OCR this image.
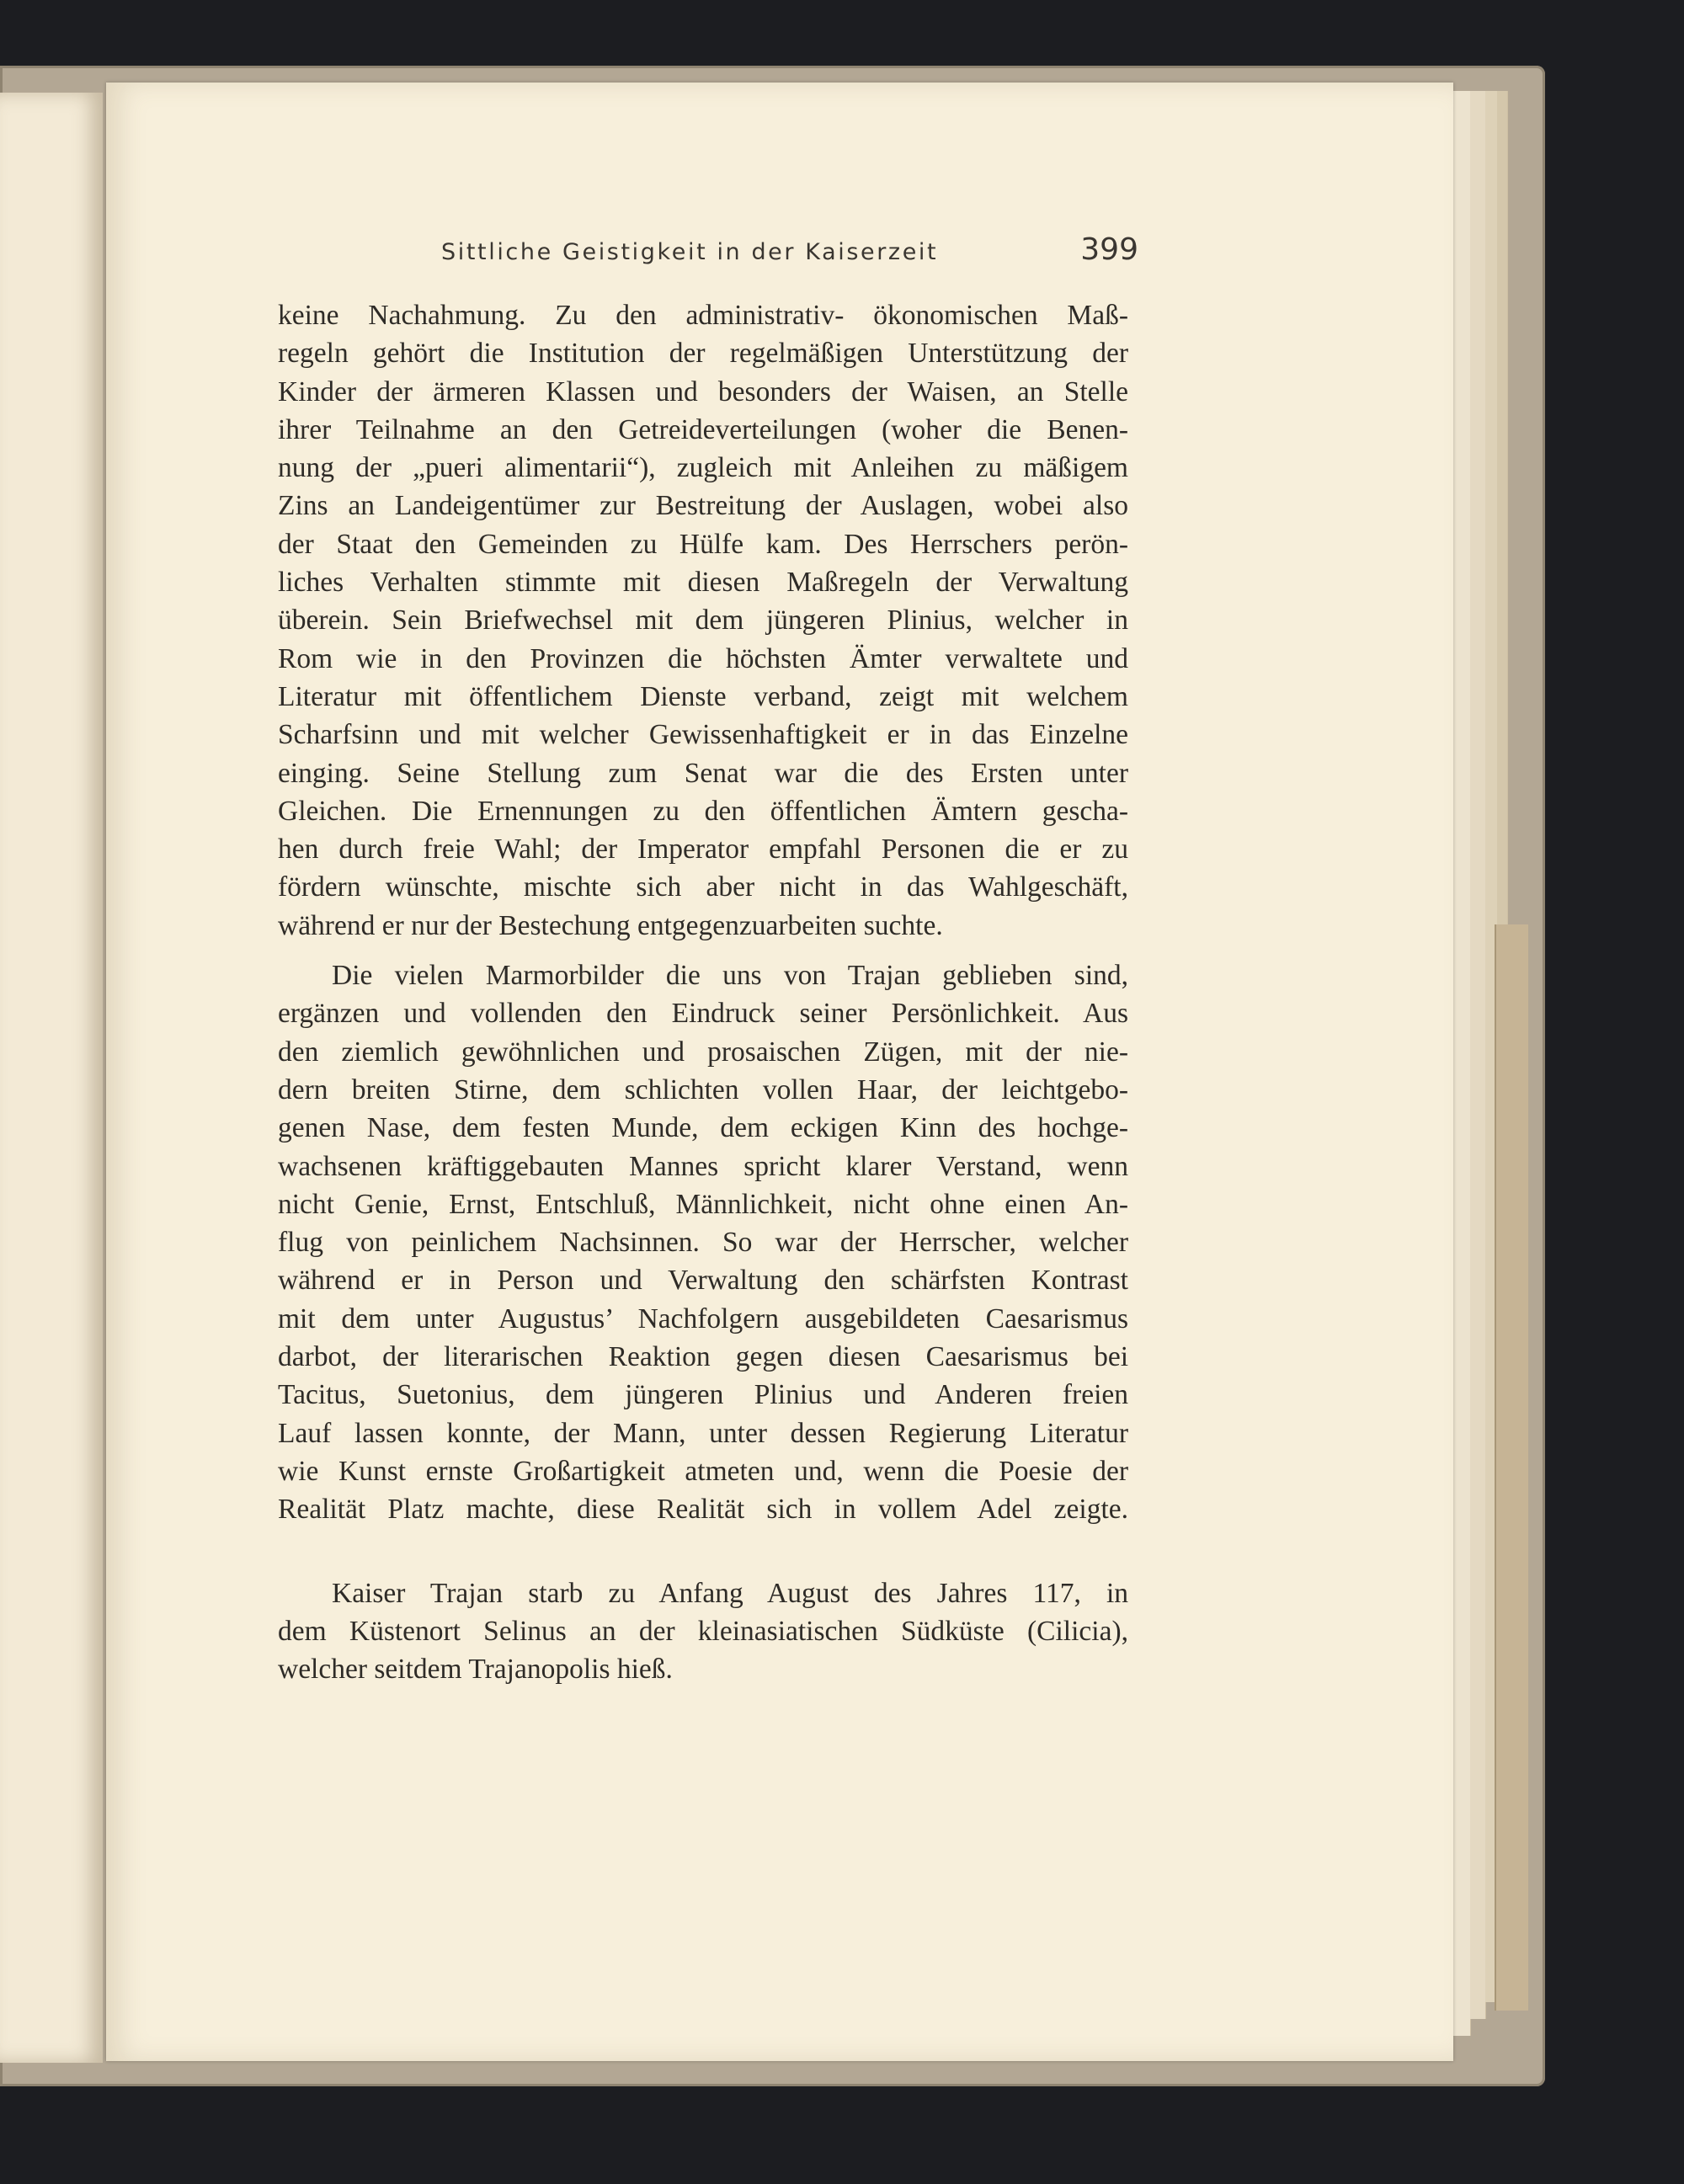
Sittliche Geistigkeit in der Kaiserzeit	399
keine Nachahmung. Zu den administrativ- ökonomischen Maß-
regeln gehört die Institution der regelmäßigen Unterstützung der
Kinder der ärmeren Klassen und besonders der Waisen, an Stelle
ihrer Teilnahme an den Getreideverteilungen (woher die Benen-
nung der „pueri alimentarii“), zugleich mit Anleihen zu mäßigem
Zins an Landeigentümer zur Bestreitung der Auslagen, wobei also
der Staat den Gemeinden zu Hülfe kam. Des Herrschers perön-
liches Verhalten stimmte mit diesen Maßregeln der Verwaltung
überein. Sein Briefwechsel mit dem jüngeren Plinius, welcher in
Rom wie in den Provinzen die höchsten Ämter verwaltete und
Literatur mit öffentlichem Dienste verband, zeigt mit welchem
Scharfsinn und mit welcher Gewissenhaftigkeit er in das Einzelne
einging. Seine Stellung zum Senat war die des Ersten unter
Gleichen. Die Ernennungen zu den öffentlichen Ämtern gescha-
hen durch freie Wahl; der Imperator empfahl Personen die er zu
fördern wünschte, mischte sich aber nicht in das Wahlgeschäft,
während er nur der Bestechung entgegenzuarbeiten suchte.
Die vielen Marmorbilder die uns von Trajan geblieben sind,
ergänzen und vollenden den Eindruck seiner Persönlichkeit. Aus
den ziemlich gewöhnlichen und prosaischen Zügen, mit der nie-
dern breiten Stirne, dem schlichten vollen Haar, der leichtgebo-
genen Nase, dem festen Munde, dem eckigen Kinn des hochge-
wachsenen kräftiggebauten Mannes spricht klarer Verstand, wenn
nicht Genie, Ernst, Entschluß, Männlichkeit, nicht ohne einen An-
flug von peinlichem Nachsinnen. So war der Herrscher, welcher
während er in Person und Verwaltung den schärfsten Kontrast
mit dem unter Augustus’ Nachfolgern ausgebildeten Caesarismus
darbot, der literarischen Reaktion gegen diesen Caesarismus bei
Tacitus, Suetonius, dem jüngeren Plinius und Anderen freien
Lauf lassen konnte, der Mann, unter dessen Regierung Literatur
wie Kunst ernste Großartigkeit atmeten und, wenn die Poesie der
Realität Platz machte, diese Realität sich in vollem Adel zeigte.
Kaiser Trajan starb zu Anfang August des Jahres 117, in
dem Küstenort Selinus an der kleinasiatischen Südküste (Cilicia),
welcher seitdem Trajanopolis hieß.
